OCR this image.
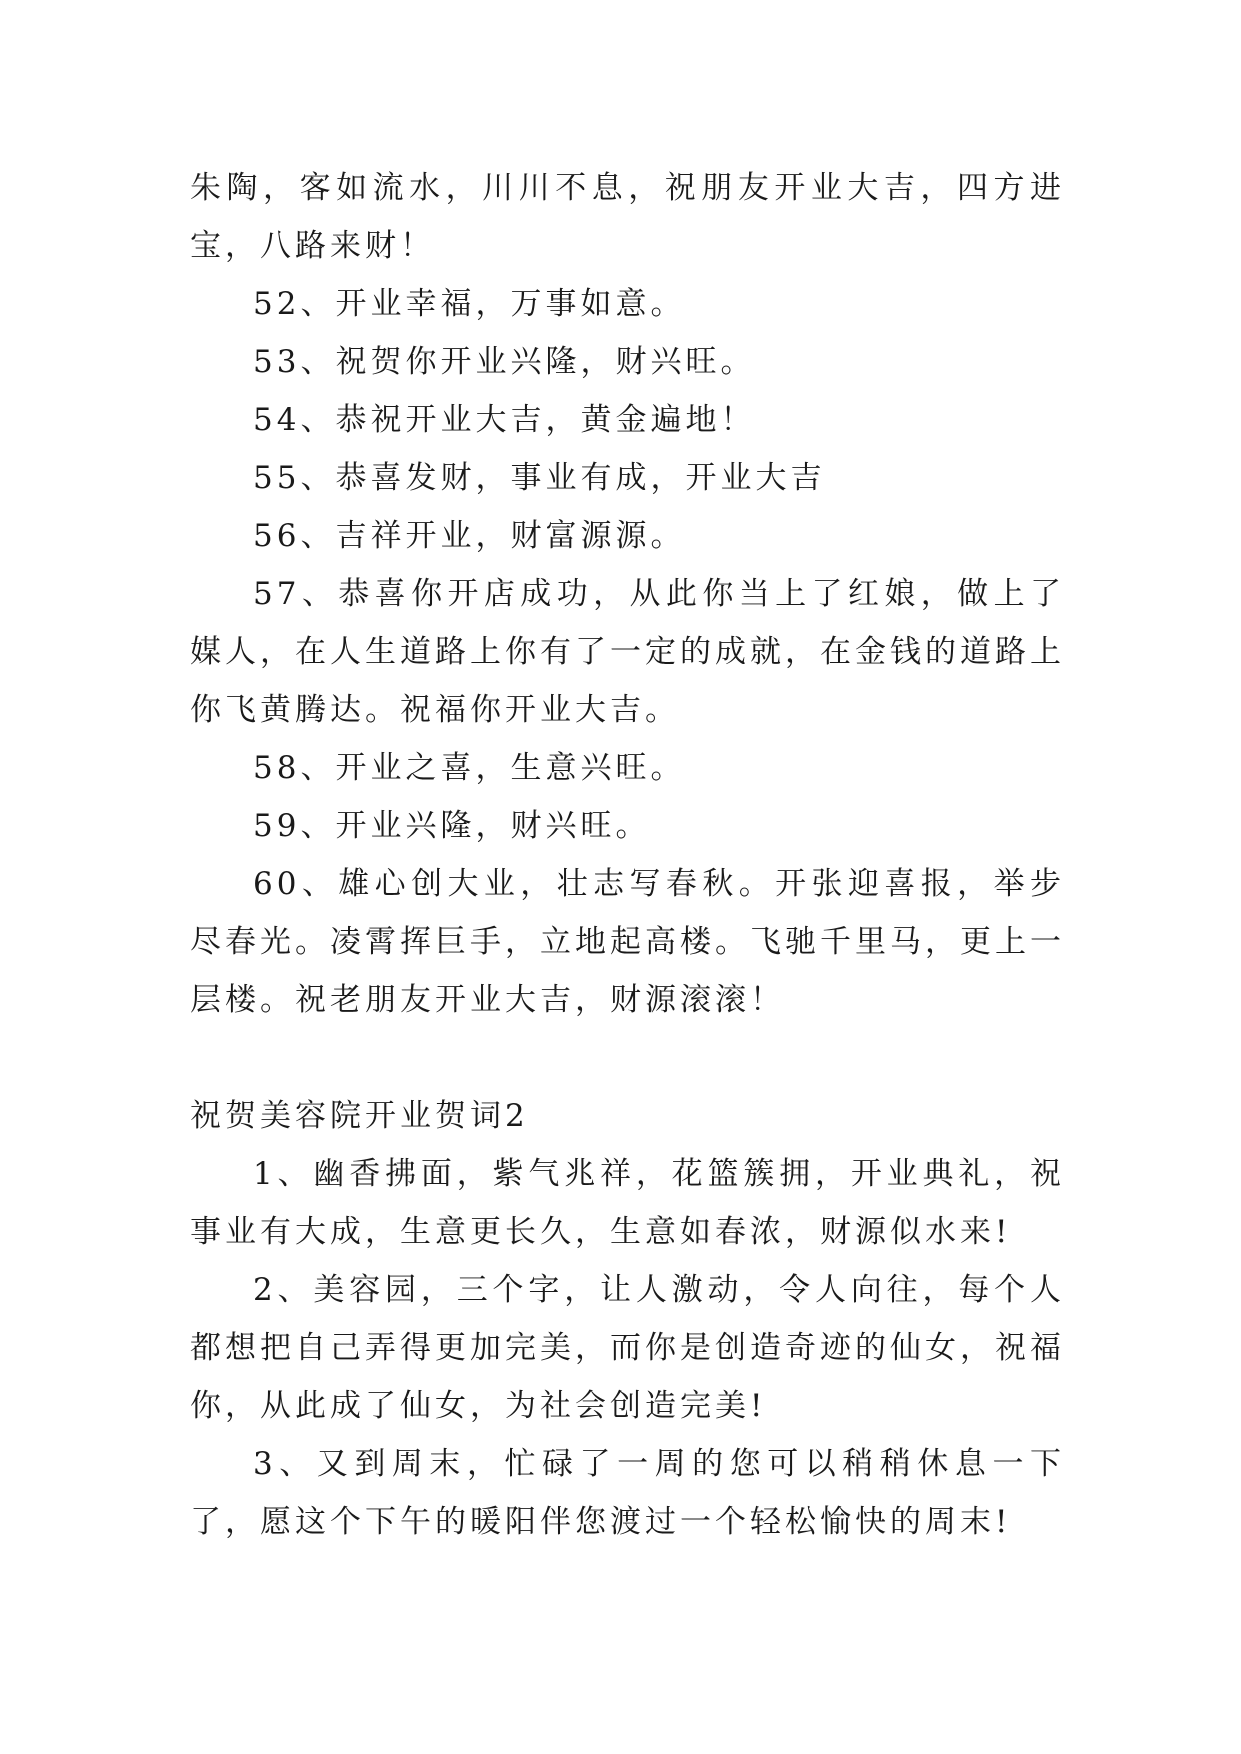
朱陶，客如流水，川川不息，祝朋友开业大吉，四方进宝，八路来财！

52、开业幸福，万事如意。

53、祝贺你开业兴隆，财兴旺。

54、恭祝开业大吉，黄金遍地！

55、恭喜发财，事业有成，开业大吉

56、吉祥开业，财富源源。

57、恭喜你开店成功，从此你当上了红娘，做上了媒人，在人生道路上你有了一定的成就，在金钱的道路上你飞黄腾达。祝福你开业大吉。

58、开业之喜，生意兴旺。

59、开业兴隆，财兴旺。

60、雄心创大业，壮志写春秋。开张迎喜报，举步尽春光。凌霄挥巨手，立地起高楼。飞驰千里马，更上一层楼。祝老朋友开业大吉，财源滚滚！

祝贺美容院开业贺词2

1、幽香拂面，紫气兆祥，花篮簇拥，开业典礼，祝事业有大成，生意更长久，生意如春浓，财源似水来!

2、美容园，三个字，让人激动，令人向往，每个人都想把自己弄得更加完美，而你是创造奇迹的仙女，祝福你，从此成了仙女，为社会创造完美!

3、又到周末，忙碌了一周的您可以稍稍休息一下了，愿这个下午的暖阳伴您渡过一个轻松愉快的周末!
